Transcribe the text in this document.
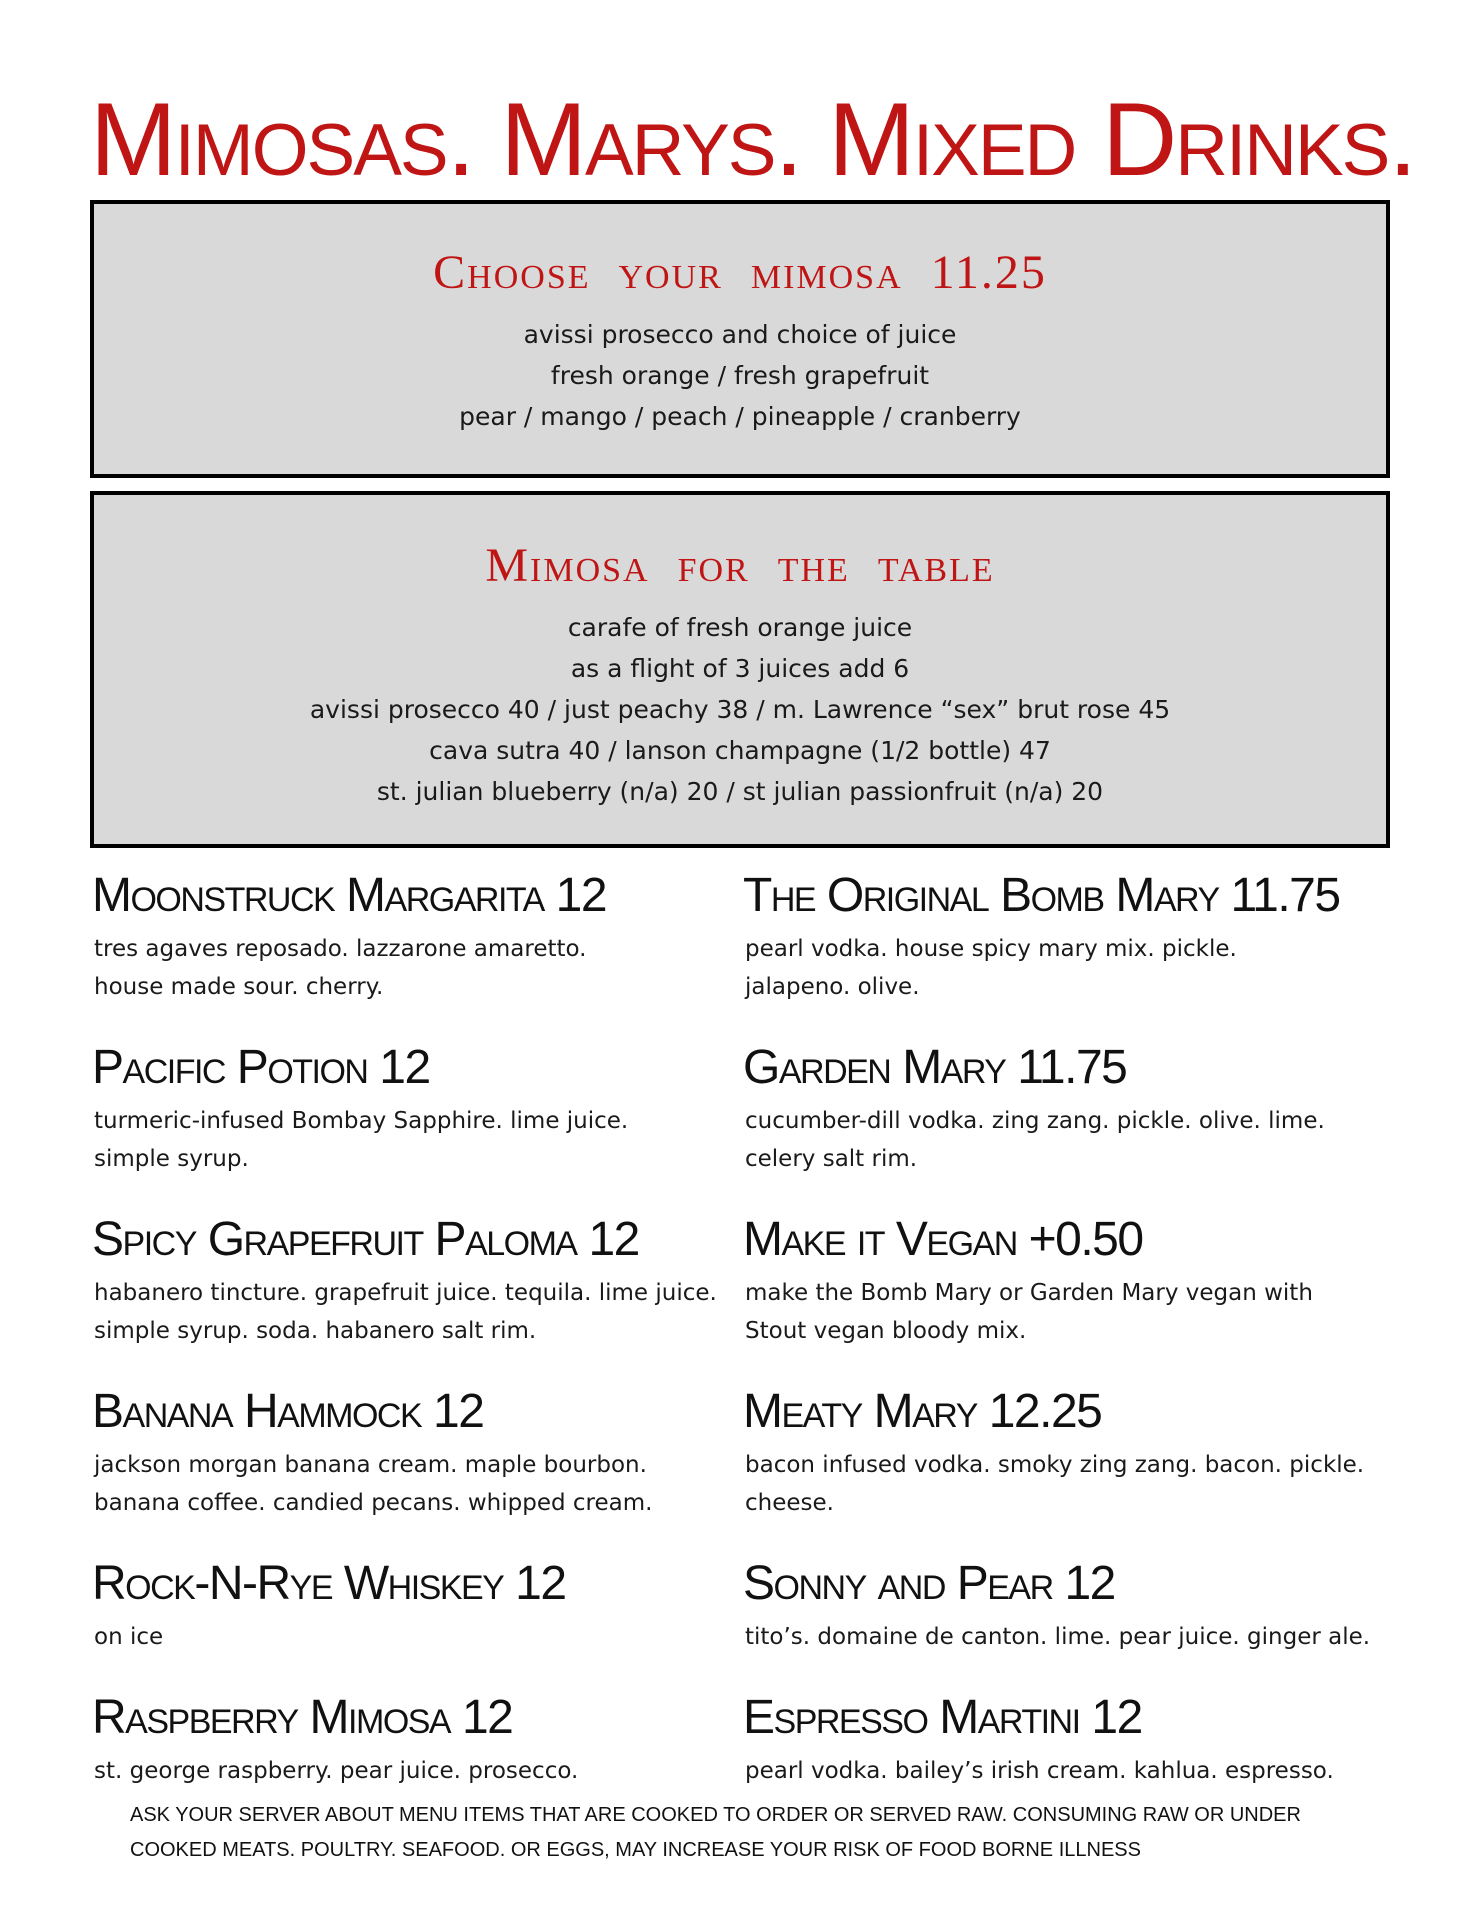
Mimosas. Marys. Mixed Drinks.
Choose your mimosa 11.25
avissi prosecco and choice of juice
fresh orange / fresh grapefruit
pear / mango / peach / pineapple / cranberry
Mimosa for the table
carafe of fresh orange juice
as a flight of 3 juices add 6
avissi prosecco 40 / just peachy 38 / m. Lawrence “sex” brut rose 45
cava sutra 40 / lanson champagne (1/2 bottle) 47
st. julian blueberry (n/a) 20 / st julian passionfruit (n/a) 20
Moonstruck Margarita 12
tres agaves reposado. lazzarone amaretto.
house made sour. cherry.
Pacific Potion 12
turmeric-infused Bombay Sapphire. lime juice.
simple syrup.
Spicy Grapefruit Paloma 12
habanero tincture. grapefruit juice. tequila. lime juice.
simple syrup. soda. habanero salt rim.
Banana Hammock 12
jackson morgan banana cream. maple bourbon.
banana coffee. candied pecans. whipped cream.
Rock-N-Rye Whiskey 12
on ice
Raspberry Mimosa 12
st. george raspberry. pear juice. prosecco.
The Original Bomb Mary 11.75
pearl vodka. house spicy mary mix. pickle.
jalapeno. olive.
Garden Mary 11.75
cucumber-dill vodka. zing zang. pickle. olive. lime.
celery salt rim.
Make it Vegan +0.50
make the Bomb Mary or Garden Mary vegan with
Stout vegan bloody mix.
Meaty Mary 12.25
bacon infused vodka. smoky zing zang. bacon. pickle.
cheese.
Sonny and Pear 12
tito’s. domaine de canton. lime. pear juice. ginger ale.
Espresso Martini 12
pearl vodka. bailey’s irish cream. kahlua. espresso.
ASK YOUR SERVER ABOUT MENU ITEMS THAT ARE COOKED TO ORDER OR SERVED RAW. CONSUMING RAW OR UNDER
COOKED MEATS. POULTRY. SEAFOOD. OR EGGS, MAY INCREASE YOUR RISK OF FOOD BORNE ILLNESS
